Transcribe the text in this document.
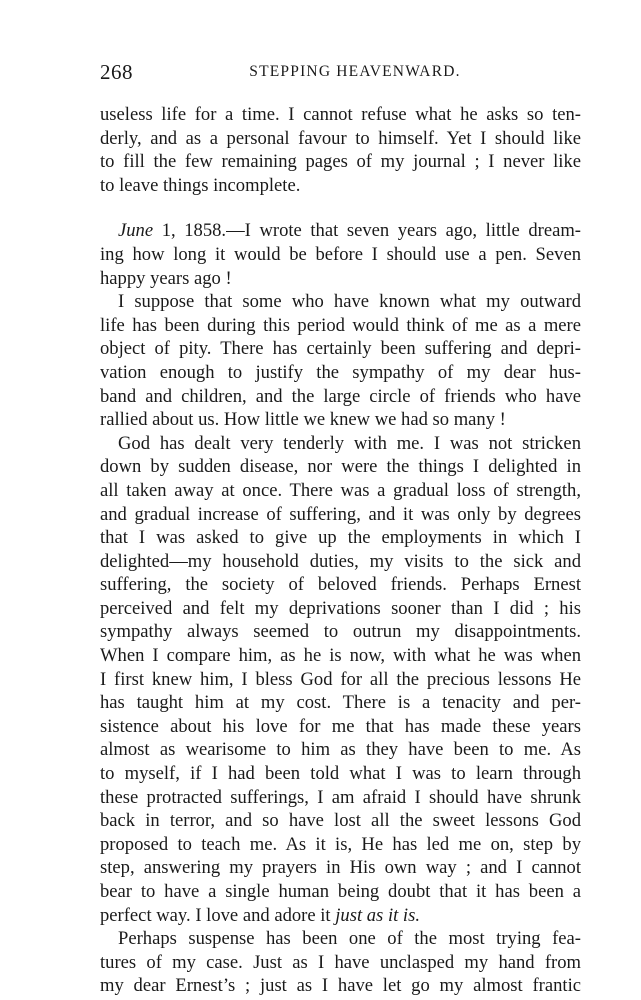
268	STEPPING HEAVENWARD.
useless life for a time. I cannot refuse what he asks so ten-
derly, and as a personal favour to himself. Yet I should like
to fill the few remaining pages of my journal ; I never like
to leave things incomplete.
June 1, 1858.—I wrote that seven years ago, little dream-
ing how long it would be before I should use a pen. Seven
happy years ago !
I suppose that some who have known what my outward
life has been during this period would think of me as a mere
object of pity. There has certainly been suffering and depri-
vation enough to justify the sympathy of my dear hus-
band and children, and the large circle of friends who have
rallied about us. How little we knew we had so many !
God has dealt very tenderly with me. I was not stricken
down by sudden disease, nor were the things I delighted in
all taken away at once. There was a gradual loss of strength,
and gradual increase of suffering, and it was only by degrees
that I was asked to give up the employments in which I
delighted—my household duties, my visits to the sick and
suffering, the society of beloved friends. Perhaps Ernest
perceived and felt my deprivations sooner than I did ; his
sympathy always seemed to outrun my disappointments.
When I compare him, as he is now, with what he was when
I first knew him, I bless God for all the precious lessons He
has taught him at my cost. There is a tenacity and per-
sistence about his love for me that has made these years
almost as wearisome to him as they have been to me. As
to myself, if I had been told what I was to learn through
these protracted sufferings, I am afraid I should have shrunk
back in terror, and so have lost all the sweet lessons God
proposed to teach me. As it is, He has led me on, step by
step, answering my prayers in His own way ; and I cannot
bear to have a single human being doubt that it has been a
perfect way. I love and adore it just as it is.
Perhaps suspense has been one of the most trying fea-
tures of my case. Just as I have unclasped my hand from
my dear Ernest’s ; just as I have let go my almost frantic
